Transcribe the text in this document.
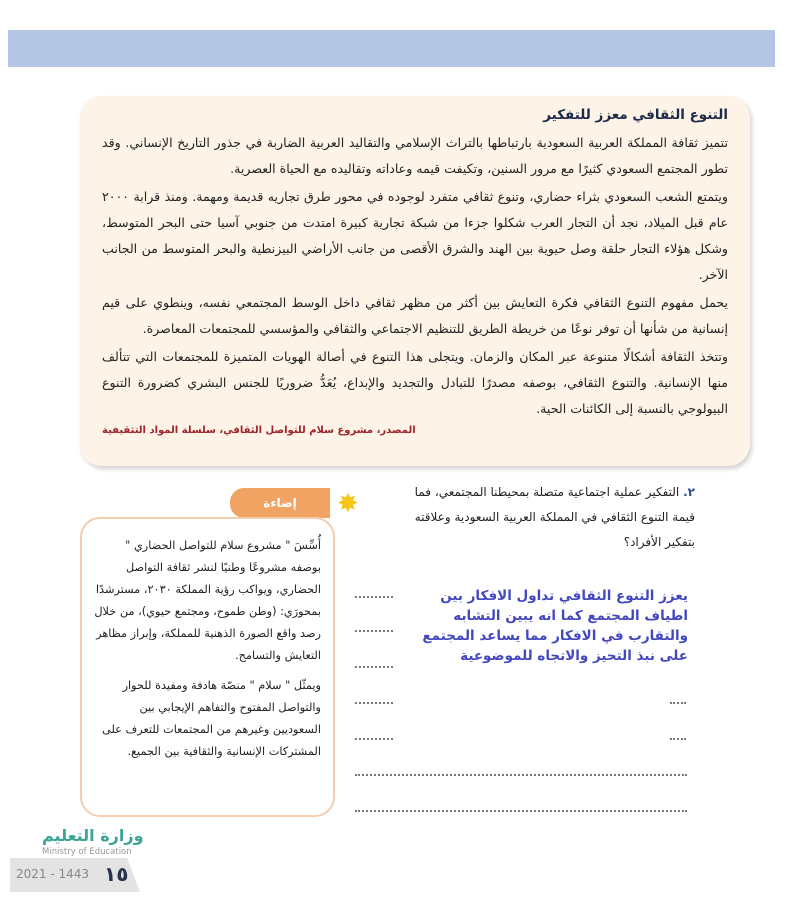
التنوع الثقافي معزز للتفكير

تتميز ثقافة المملكة العربية السعودية بارتباطها بالتراث الإسلامي والتقاليد العربية الضاربة في جذور التاريخ الإنساني. وقد تطور المجتمع السعودي كثيرًا مع مرور السنين، وتكيفت قيمه وعاداته وتقاليده مع الحياة العصرية.

ويتمتع الشعب السعودي بثراء حضاري، وتنوع ثقافي متفرد لوجوده في محور طرق تجاريه قديمة ومهمة. ومنذ قرابة ٢٠٠٠ عام قبل الميلاد، نجد أن التجار العرب شكلوا جزءا من شبكة تجارية كبيرة امتدت من جنوبي آسيا حتى البحر المتوسط، وشكل هؤلاء التجار حلقة وصل حيوية بين الهند والشرق الأقصى من جانب الأراضي البيزنطية والبحر المتوسط من الجانب الآخر.

يحمل مفهوم التنوع الثقافي فكرة التعايش بين أكثر من مظهر ثقافي داخل الوسط المجتمعي نفسه، وينطوي على قيم إنسانية من شأنها أن توفر نوعًا من خريطة الطريق للتنظيم الاجتماعي والثقافي والمؤسسي للمجتمعات المعاصرة.

وتتخذ الثقافة أشكالًا متنوعة عبر المكان والزمان. ويتجلى هذا التنوع في أصالة الهويات المتميزة للمجتمعات التي تتألف منها الإنسانية. والتنوع الثقافي، بوصفه مصدرًا للتبادل والتجديد والإبداع، يُعَدُّ ضروريًا للجنس البشري كضرورة التنوع البيولوجي بالنسبة إلى الكائنات الحية.

المصدر، مشروع سلام للتواصل الثقافي، سلسلة المواد التثقيفية
إضاءة	✸

أُسِّسَ " مشروع سلام للتواصل الحضاري " بوصفه مشروعًا وطنيًا لنشر ثقافة التواصل الحضاري، ويواكب رؤية المملكة ٢٠٣٠، مسترشدًا بمحورَي: (وطن طموح، ومجتمع حيوي)، من خلال رصد واقع الصورة الذهنية للمملكة، وإبراز مظاهر التعايش والتسامح.

ويمثّل " سلام " منصّة هادفة ومفيدة للحوار والتواصل المفتوح والتفاهم الإيجابي بين السعوديين وغيرهم من المجتمعات للتعرف على المشتركات الإنسانية والثقافية بين الجميع.

٢. التفكير عملية اجتماعية متصلة بمحيطنا المجتمعي، فما قيمة التنوع الثقافي في المملكة العربية السعودية وعلاقته بتفكير الأفراد؟
يعزز التنوع الثقافي تداول الافكار بين اطياف المجتمع كما انه يبين التشابه والتقارب في الافكار مما يساعد المجتمع على نبذ التحيز والاتجاه للموضوعية
وزارة التعليم
Ministry of Education
2021 - 1443 ١٥
